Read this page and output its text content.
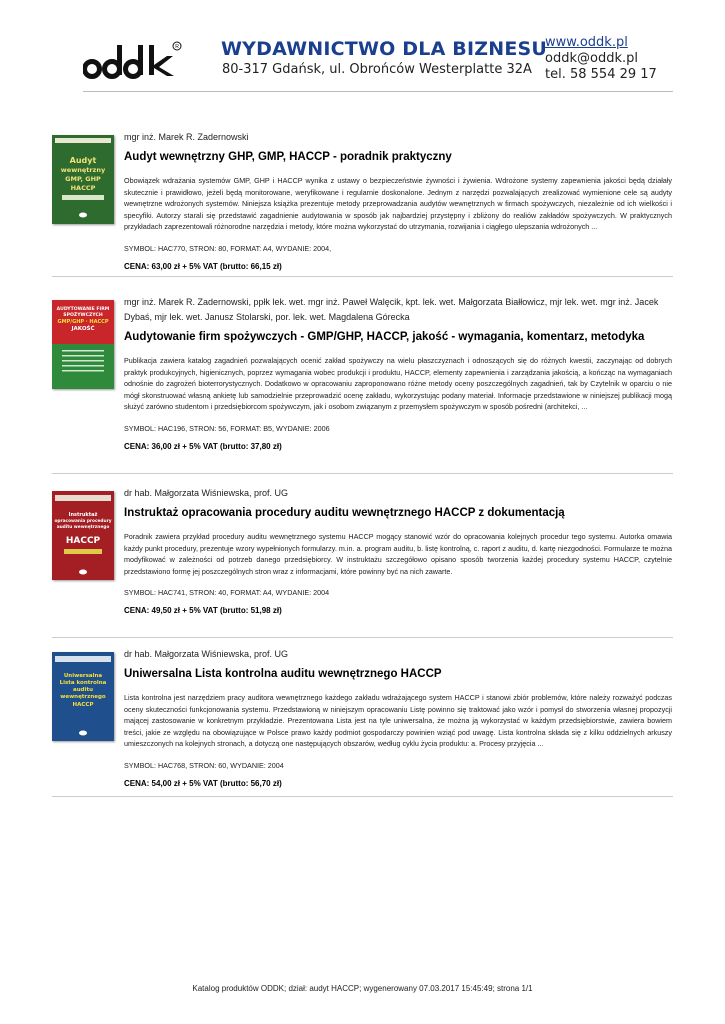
R WYDAWNICTWO DLA BIZNESU
80-317 Gdańsk, ul. Obrońców Westerplatte 32A
www.oddk.pl
oddk@oddk.pl
tel. 58 554 29 17
Audyt
wewnętrzny
GMP, GHP
HACCP

mgr inż. Marek R. Zadernowski

Audyt wewnętrzny GHP, GMP, HACCP - poradnik praktyczny

Obowiązek wdrażania systemów GMP, GHP i HACCP wynika z ustawy o bezpieczeństwie żywności i żywienia. Wdrożone systemy zapewnienia jakości będą działały skutecznie i prawidłowo, jeżeli będą monitorowane, weryfikowane i regularnie doskonalone. Jednym z narzędzi pozwalających zrealizować wymienione cele są audyty wewnętrzne wdrożonych systemów. Niniejsza książka prezentuje metody przeprowadzania audytów wewnętrznych w firmach spożywczych, niezależnie od ich wielkości i specyfiki. Autorzy starali się przedstawić zagadnienie audytowania w sposób jak najbardziej przystępny i zbliżony do realiów zakładów spożywczych. W praktycznych przykładach zaprezentowali różnorodne narzędzia i metody, które można wykorzystać do utrzymania, rozwijania i ciągłego ulepszania wdrożonych ...

SYMBOL: HAC770, STRON: 80, FORMAT: A4, WYDANIE: 2004,

CENA: 63,00 zł + 5% VAT (brutto: 66,15 zł)

AUDYTOWANIE FIRM
SPOŻYWCZYCH
GMP/GHP · HACCP
JAKOŚĆ

mgr inż. Marek R. Zadernowski, ppłk lek. wet. mgr inż. Paweł Walęcik, kpt. lek. wet. Małgorzata Białłowicz, mjr lek. wet. mgr inż. Jacek Dybaś, mjr lek. wet. Janusz Stolarski, por. lek. wet. Magdalena Górecka

Audytowanie firm spożywczych - GMP/GHP, HACCP, jakość - wymagania, komentarz, metodyka

Publikacja zawiera katalog zagadnień pozwalających ocenić zakład spożywczy na wielu płaszczyznach i odnoszących się do różnych kwestii, zaczynając od dobrych praktyk produkcyjnych, higienicznych, poprzez wymagania wobec produkcji i produktu, HACCP, elementy zapewnienia i zarządzania jakością, a kończąc na wymaganiach odnośnie do zagrożeń bioterrorystycznych. Dodatkowo w opracowaniu zaproponowano różne metody oceny poszczególnych zagadnień, tak by Czytelnik w oparciu o nie mógł skonstruować własną ankietę lub samodzielnie przeprowadzić ocenę zakładu, wykorzystując podany materiał. Informacje przedstawione w niniejszej publikacji mogą służyć zarówno studentom i przedsiębiorcom spożywczym, jak i osobom związanym z przemysłem spożywczym w sposób pośredni (architekci, ...

SYMBOL: HAC196, STRON: 56, FORMAT: B5, WYDANIE: 2006

CENA: 36,00 zł + 5% VAT (brutto: 37,80 zł)

Instruktaż
opracowania procedury
auditu wewnętrznego
HACCP

dr hab. Małgorzata Wiśniewska, prof. UG

Instruktaż opracowania procedury auditu wewnętrznego HACCP z dokumentacją

Poradnik zawiera przykład procedury auditu wewnętrznego systemu HACCP mogący stanowić wzór do opracowania kolejnych procedur tego systemu. Autorka omawia każdy punkt procedury, prezentuje wzory wypełnionych formularzy. m.in. a. program auditu, b. listę kontrolną, c. raport z auditu, d. kartę niezgodności. Formularze te można modyfikować w zależności od potrzeb danego przedsiębiorcy. W instruktażu szczegółowo opisano sposób tworzenia każdej procedury systemu HACCP, czytelnie przedstawiono formę jej poszczególnych stron wraz z informacjami, które powinny być na nich zawarte.

SYMBOL: HAC741, STRON: 40, FORMAT: A4, WYDANIE: 2004

CENA: 49,50 zł + 5% VAT (brutto: 51,98 zł)

Uniwersalna
Lista kontrolna
auditu
wewnętrznego
HACCP

dr hab. Małgorzata Wiśniewska, prof. UG

Uniwersalna Lista kontrolna auditu wewnętrznego HACCP

Lista kontrolna jest narzędziem pracy auditora wewnętrznego każdego zakładu wdrażającego system HACCP i stanowi zbiór problemów, które należy rozważyć podczas oceny skuteczności funkcjonowania systemu. Przedstawioną w niniejszym opracowaniu Listę powinno się traktować jako wzór i pomysł do stworzenia własnej propozycji mającej zastosowanie w konkretnym przykładzie. Prezentowana Lista jest na tyle uniwersalna, że można ją wykorzystać w każdym przedsiębiorstwie, zawiera bowiem treści, jakie ze względu na obowiązujące w Polsce prawo każdy podmiot gospodarczy powinien wziąć pod uwagę. Lista kontrolna składa się z kilku oddzielnych arkuszy umieszczonych na kolejnych stronach, a dotyczą one następujących obszarów, według cyklu życia produktu: a. Procesy przyjęcia ...

SYMBOL: HAC768, STRON: 60, WYDANIE: 2004

CENA: 54,00 zł + 5% VAT (brutto: 56,70 zł)

Katalog produktów ODDK; dział: audyt HACCP; wygenerowany 07.03.2017 15:45:49; strona 1/1
